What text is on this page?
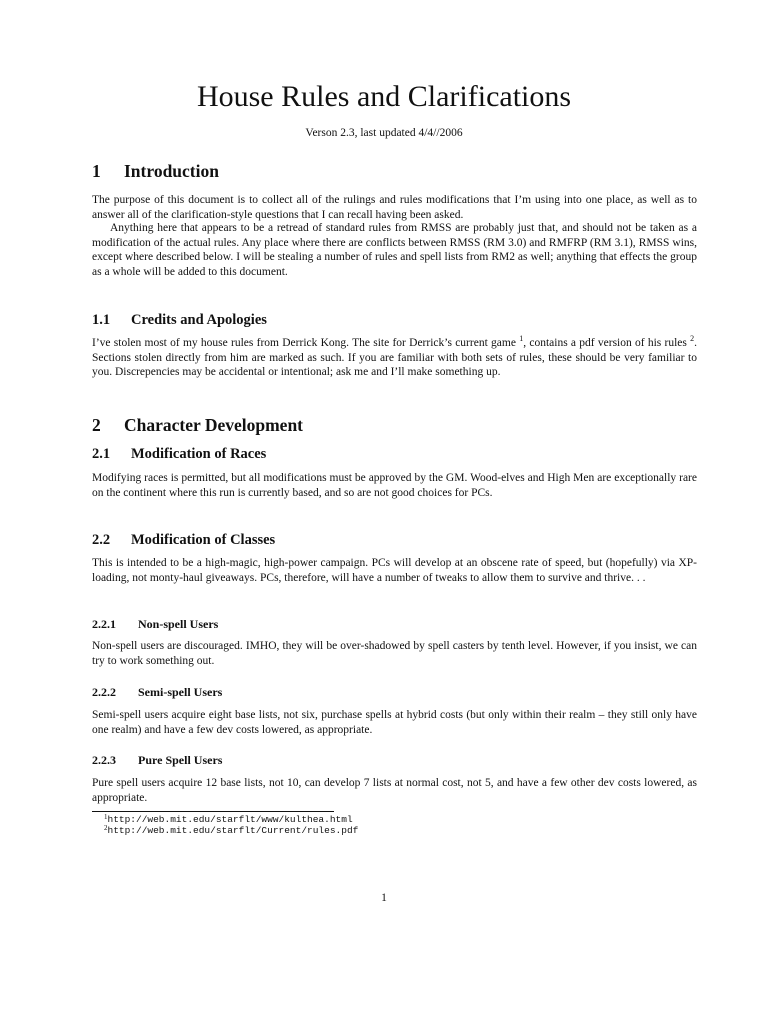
House Rules and Clarifications
Verson 2.3, last updated 4/4//2006
1 Introduction

The purpose of this document is to collect all of the rulings and rules modifications that I’m using into one place, as well as to answer all of the clarification-style questions that I can recall having been asked.

Anything here that appears to be a retread of standard rules from RMSS are probably just that, and should not be taken as a modification of the actual rules. Any place where there are conflicts between RMSS (RM 3.0) and RMFRP (RM 3.1), RMSS wins, except where described below. I will be stealing a number of rules and spell lists from RM2 as well; anything that effects the group as a whole will be added to this document.

1.1 Credits and Apologies

I’ve stolen most of my house rules from Derrick Kong. The site for Derrick’s current game $^1$, contains a pdf version of his rules $^2$. Sections stolen directly from him are marked as such. If you are familiar with both sets of rules, these should be very familiar to you. Discrepencies may be accidental or intentional; ask me and I’ll make something up.

2 Character Development
2.1 Modification of Races

Modifying races is permitted, but all modifications must be approved by the GM. Wood-elves and High Men are exceptionally rare on the continent where this run is currently based, and so are not good choices for PCs.

2.2 Modification of Classes

This is intended to be a high-magic, high-power campaign. PCs will develop at an obscene rate of speed, but (hopefully) via XP-loading, not monty-haul giveaways. PCs, therefore, will have a number of tweaks to allow them to survive and thrive. . .

2.2.1 Non-spell Users

Non-spell users are discouraged. IMHO, they will be over-shadowed by spell casters by tenth level. However, if you insist, we can try to work something out.

2.2.2 Semi-spell Users

Semi-spell users acquire eight base lists, not six, purchase spells at hybrid costs (but only within their realm – they still only have one realm) and have a few dev costs lowered, as appropriate.

2.2.3 Pure Spell Users

Pure spell users acquire 12 base lists, not 10, can develop 7 lists at normal cost, not 5, and have a few other dev costs lowered, as appropriate.

$^1$http://web.mit.edu/starflt/www/kulthea.html
$^2$http://web.mit.edu/starflt/Current/rules.pdf
1
